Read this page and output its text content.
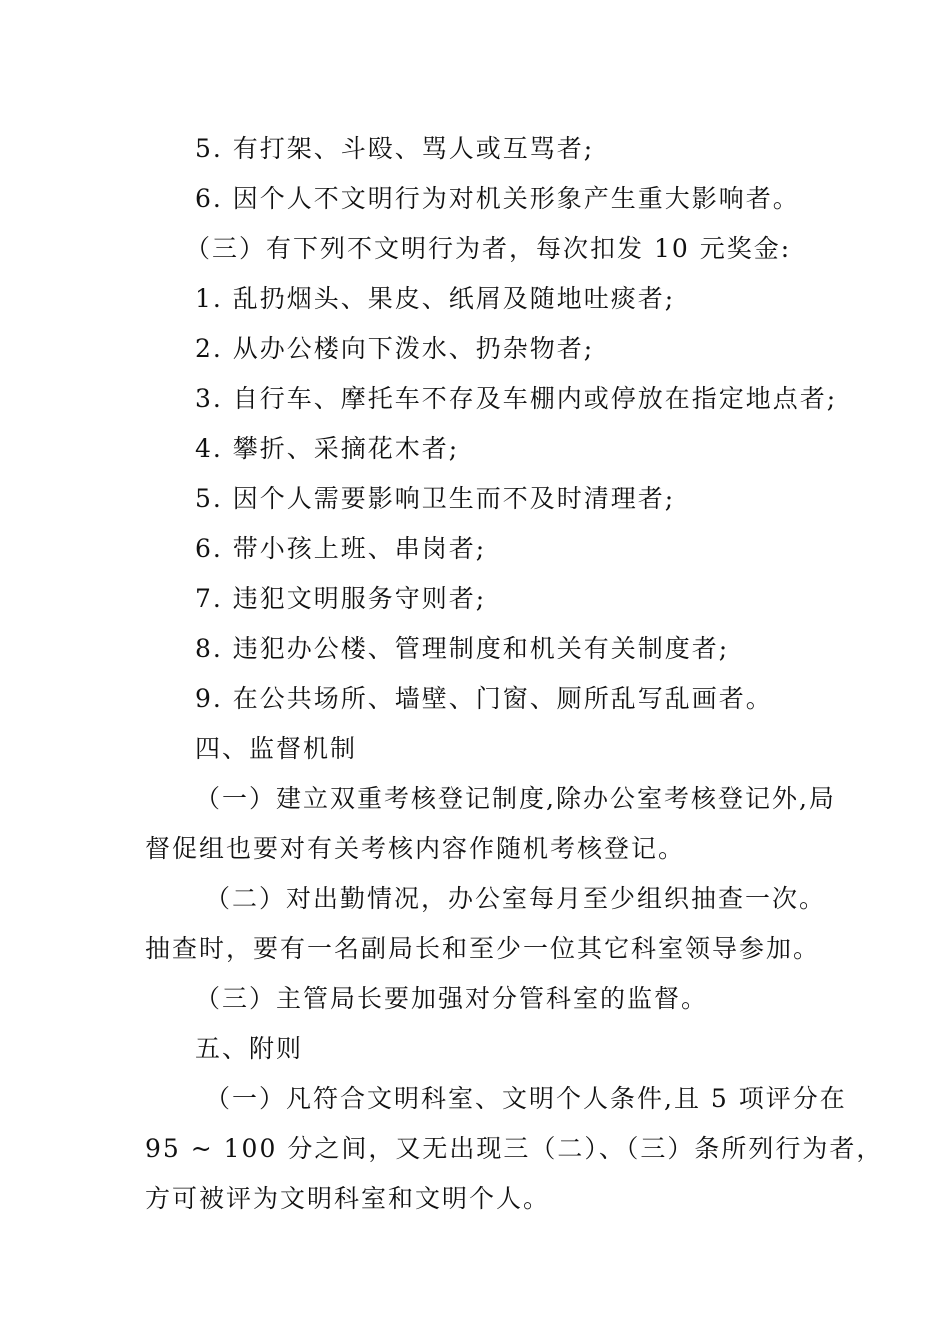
5. 有打架、斗殴、骂人或互骂者;
6. 因个人不文明行为对机关形象产生重大影响者。
（三）有下列不文明行为者，每次扣发 10 元奖金:
1. 乱扔烟头、果皮、纸屑及随地吐痰者;
2. 从办公楼向下泼水、扔杂物者;
3. 自行车、摩托车不存及车棚内或停放在指定地点者;
4. 攀折、采摘花木者;
5. 因个人需要影响卫生而不及时清理者;
6. 带小孩上班、串岗者;
7. 违犯文明服务守则者;
8. 违犯办公楼、管理制度和机关有关制度者;
9. 在公共场所、墙壁、门窗、厕所乱写乱画者。
四、监督机制
（一）建立双重考核登记制度,除办公室考核登记外,局
督促组也要对有关考核内容作随机考核登记。
（二）对出勤情况，办公室每月至少组织抽查一次。
抽查时，要有一名副局长和至少一位其它科室领导参加。
（三）主管局长要加强对分管科室的监督。
五、附则
（一）凡符合文明科室、文明个人条件,且 5 项评分在
95 ~ 100 分之间，又无出现三（二）、（三）条所列行为者，
方可被评为文明科室和文明个人。
